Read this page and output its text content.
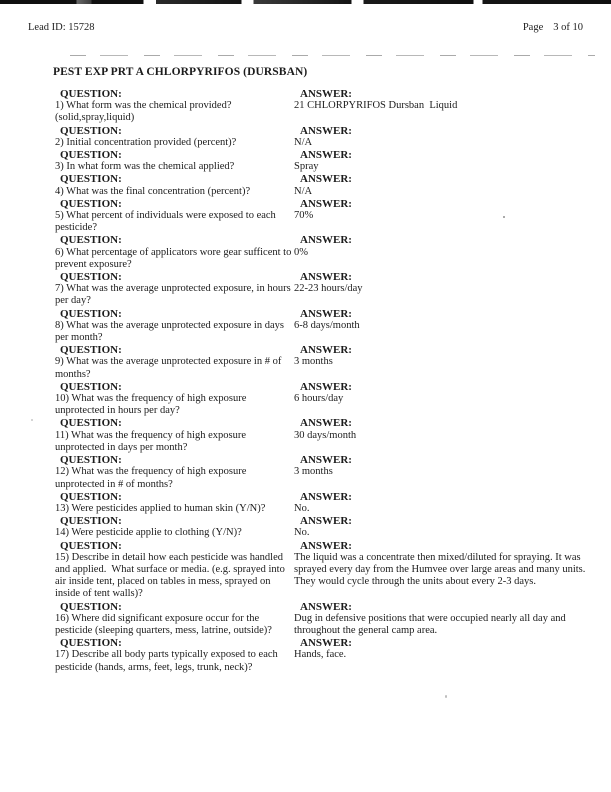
Lead ID: 15728	Page 3 of 10
PEST EXP PRT A CHLORPYRIFOS (DURSBAN)
QUESTION:
1) What form was the chemical provided?(solid,spray,liquid)
ANSWER:
21 CHLORPYRIFOS Dursban  Liquid
QUESTION:
2) Initial concentration provided (percent)?
ANSWER:
N/A
QUESTION:
3) In what form was the chemical applied?
ANSWER:
Spray
QUESTION:
4) What was the final concentration (percent)?
ANSWER:
N/A
QUESTION:
5) What percent of individuals were exposed to each pesticide?
ANSWER:
70%
QUESTION:
6) What percentage of applicators wore gear sufficent to prevent exposure?
ANSWER:
0%
QUESTION:
7) What was the average unprotected exposure, in hours per day?
ANSWER:
22-23 hours/day
QUESTION:
8) What was the average unprotected exposure in days per month?
ANSWER:
6-8 days/month
QUESTION:
9) What was the average unprotected exposure in # of months?
ANSWER:
3 months
QUESTION:
10) What was the frequency of high exposure unprotected in hours per day?
ANSWER:
6 hours/day
QUESTION:
11) What was the frequency of high exposure unprotected in days per month?
ANSWER:
30 days/month
QUESTION:
12) What was the frequency of high exposure unprotected in # of months?
ANSWER:
3 months
QUESTION:
13) Were pesticides applied to human skin (Y/N)?
ANSWER:
No.
QUESTION:
14) Were pesticide applie to clothing (Y/N)?
ANSWER:
No.
QUESTION:
15) Describe in detail how each pesticide was handled and applied.  What surface or media. (e.g. sprayed into air inside tent, placed on tables in mess, sprayed on inside of tent walls)?
ANSWER:
The liquid was a concentrate then mixed/diluted for spraying. It was sprayed every day from the Humvee over large areas and many units.  They would cycle through the units about every 2-3 days.
QUESTION:
16) Where did significant exposure occur for the pesticide (sleeping quarters, mess, latrine, outside)?
ANSWER:
Dug in defensive positions that were occupied nearly all day and throughout the general camp area.
QUESTION:
17) Describe all body parts typically exposed to each pesticide (hands, arms, feet, legs, trunk, neck)?
ANSWER:
Hands, face.
